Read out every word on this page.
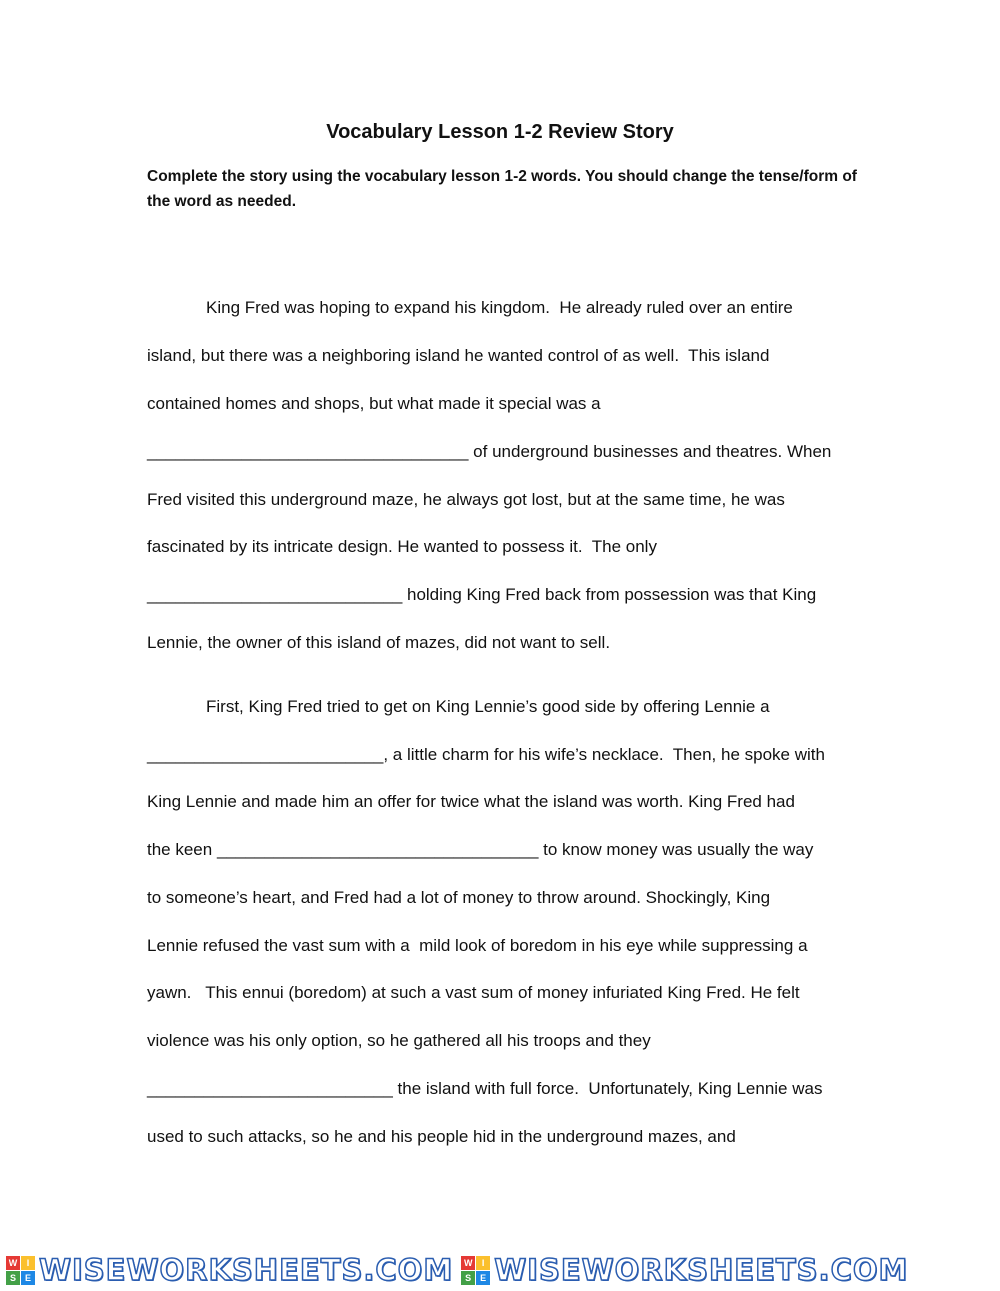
Vocabulary Lesson 1-2 Review Story

Complete the story using the vocabulary lesson 1-2 words. You should change the tense/form of the word as needed.

King Fred was hoping to expand his kingdom.  He already ruled over an entire

island, but there was a neighboring island he wanted control of as well.  This island

contained homes and shops, but what made it special was a

__________________________________ of underground businesses and theatres. When

Fred visited this underground maze, he always got lost, but at the same time, he was

fascinated by its intricate design. He wanted to possess it.  The only

___________________________ holding King Fred back from possession was that King

Lennie, the owner of this island of mazes, did not want to sell.

First, King Fred tried to get on King Lennie’s good side by offering Lennie a

_________________________, a little charm for his wife’s necklace.  Then, he spoke with

King Lennie and made him an offer for twice what the island was worth. King Fred had

the keen __________________________________ to know money was usually the way

to someone’s heart, and Fred had a lot of money to throw around. Shockingly, King

Lennie refused the vast sum with a  mild look of boredom in his eye while suppressing a

yawn.   This ennui (boredom) at such a vast sum of money infuriated King Fred. He felt

violence was his only option, so he gathered all his troops and they

__________________________ the island with full force.  Unfortunately, King Lennie was

used to such attacks, so he and his people hid in the underground mazes, and

W	I
S E WISEWORKSHEETS.COM	W	I
S E WISEWORKSHEETS.COM
